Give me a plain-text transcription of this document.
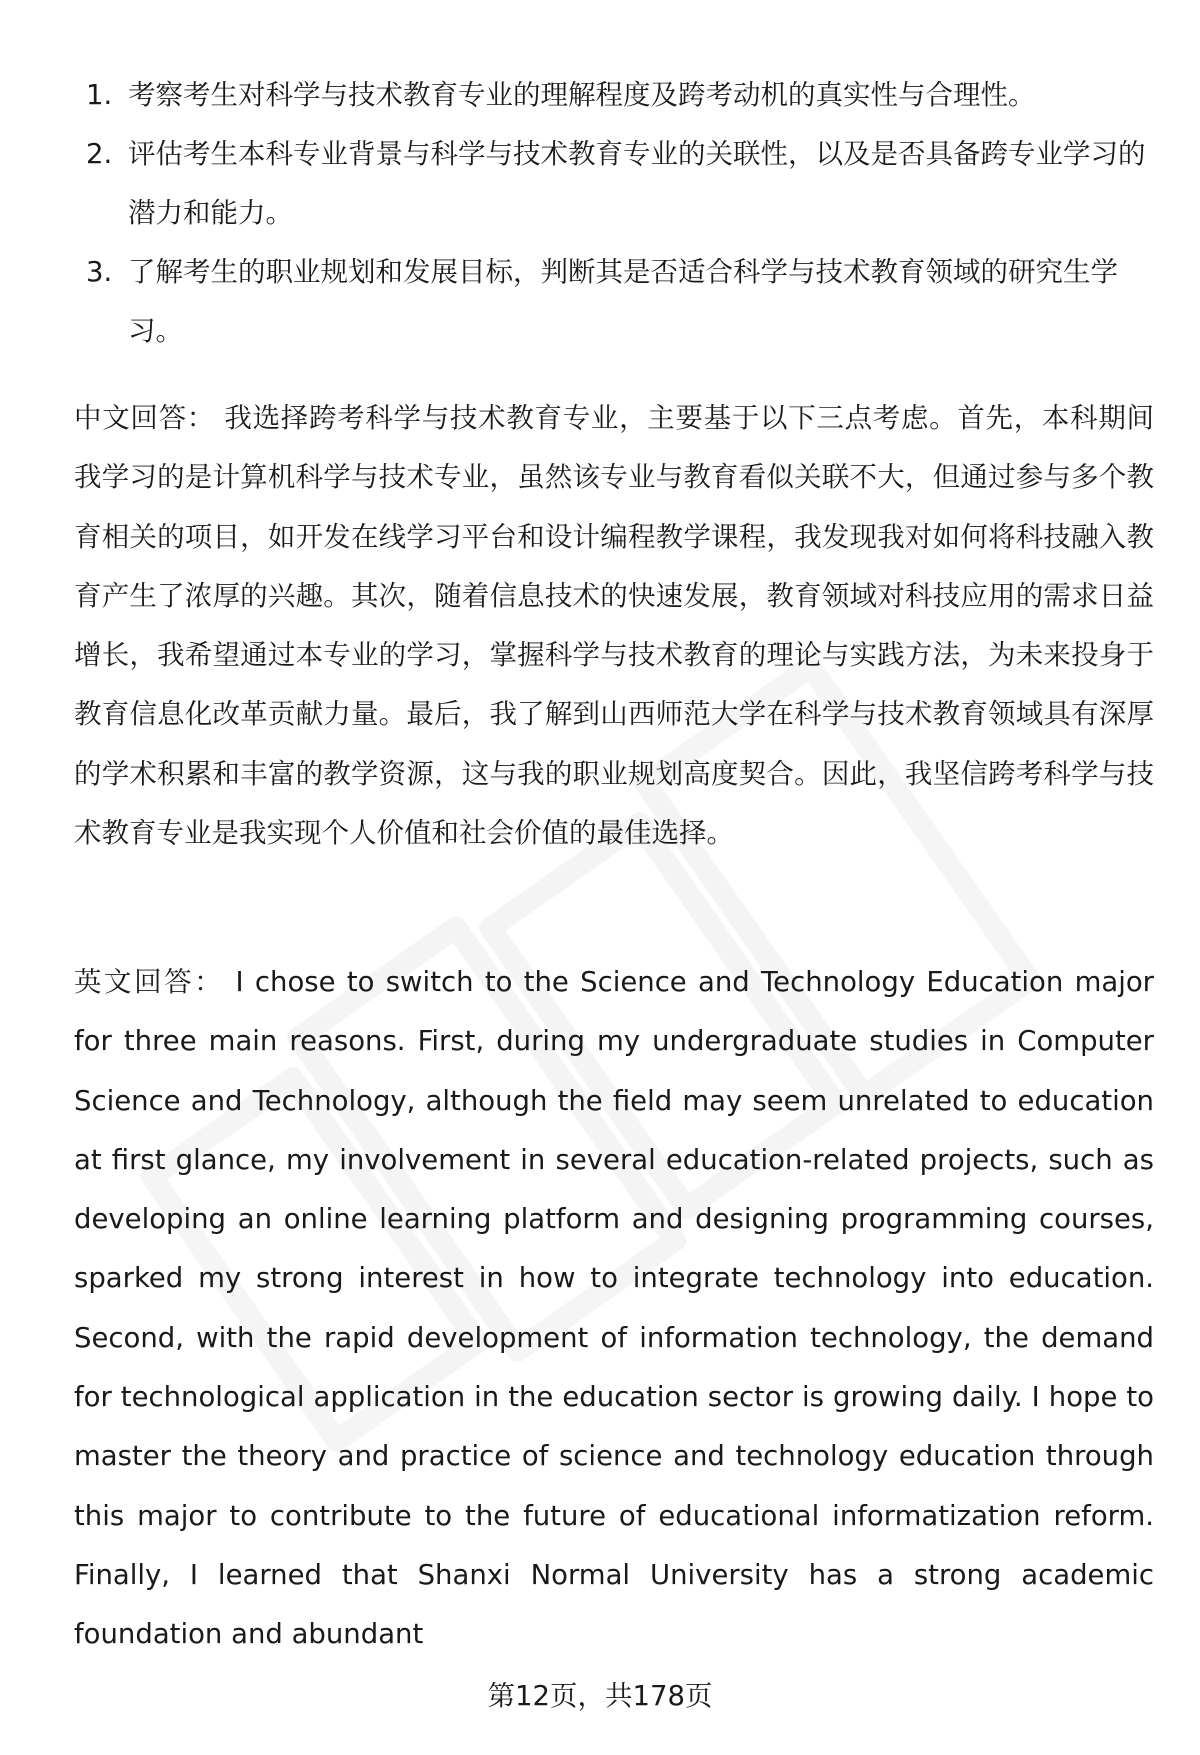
1. 考察考生对科学与技术教育专业的理解程度及跨考动机的真实性与合理性。
2. 评估考生本科专业背景与科学与技术教育专业的关联性，以及是否具备跨专业学习的潜力和能力。
3. 了解考生的职业规划和发展目标，判断其是否适合科学与技术教育领域的研究生学习。

中文回答： 我选择跨考科学与技术教育专业，主要基于以下三点考虑。首先，本科期间我学习的是计算机科学与技术专业，虽然该专业与教育看似关联不大，但通过参与多个教育相关的项目，如开发在线学习平台和设计编程教学课程，我发现我对如何将科技融入教育产生了浓厚的兴趣。其次，随着信息技术的快速发展，教育领域对科技应用的需求日益增长，我希望通过本专业的学习，掌握科学与技术教育的理论与实践方法，为未来投身于教育信息化改革贡献力量。最后，我了解到山西师范大学在科学与技术教育领域具有深厚的学术积累和丰富的教学资源，这与我的职业规划高度契合。因此，我坚信跨考科学与技术教育专业是我实现个人价值和社会价值的最佳选择。

英文回答： I chose to switch to the Science and Technology Education major for three main reasons. First, during my undergraduate studies in Computer Science and Technology, although the field may seem unrelated to education at first glance, my involvement in several education-related projects, such as developing an online learning platform and designing programming courses, sparked my strong interest in how to integrate technology into education. Second, with the rapid development of information technology, the demand for technological application in the education sector is growing daily. I hope to master the theory and practice of science and technology education through this major to contribute to the future of educational informatization reform. Finally, I learned that Shanxi Normal University has a strong academic foundation and abundant

第12页，共178页
